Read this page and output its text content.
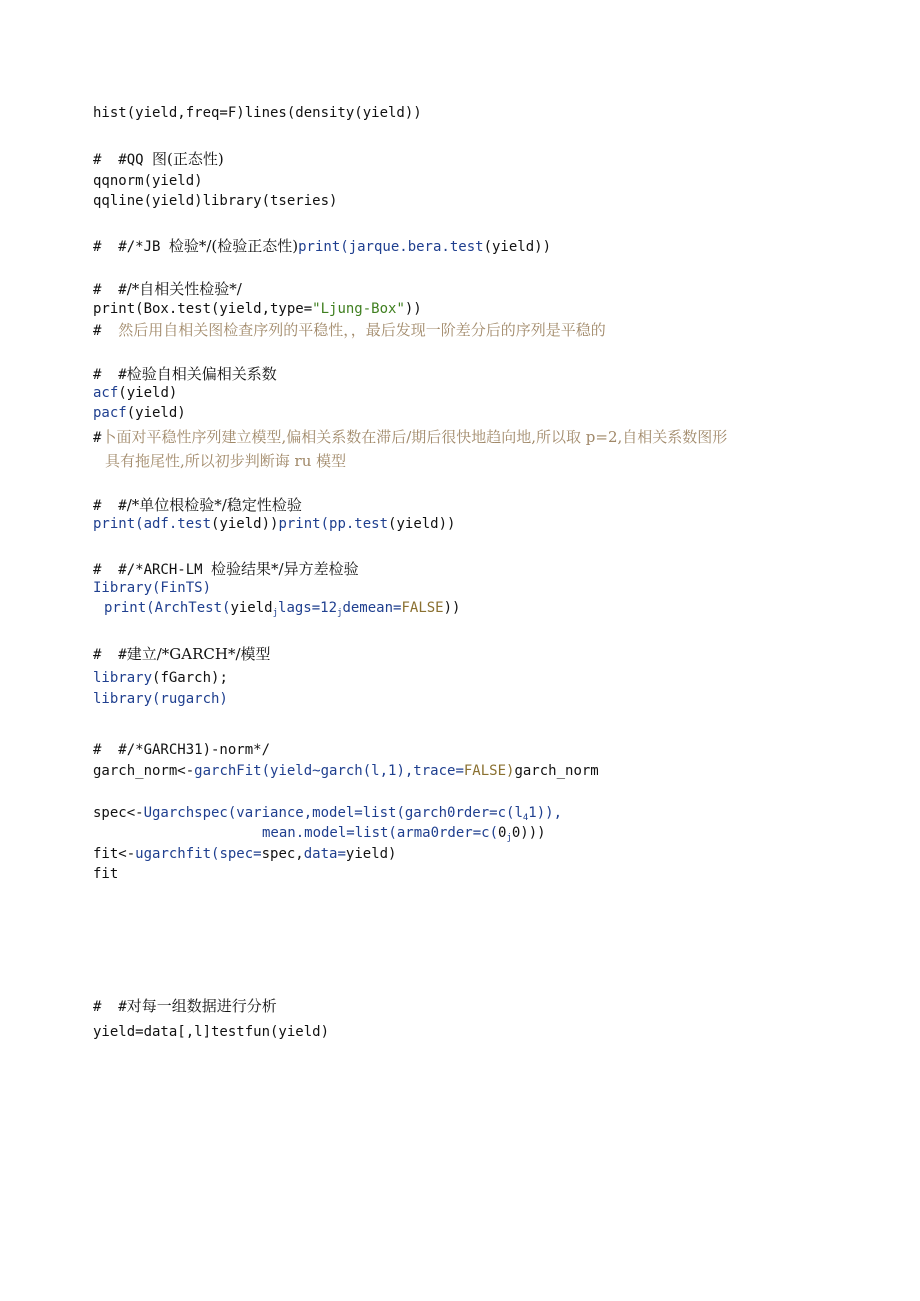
hist(yield,freq=F)lines(density(yield))
#  #QQ 图(正态性)
qqnorm(yield)
qqline(yield)library(tseries)
#  #/*JB 检验*/(检验正态性)print(jarque.bera.test(yield))
#  #/*自相关性检验*/
print(Box.test(yield,type="Ljung-Box"))
#  然后用自相关图检查序列的平稳性，，最后发现一阶差分后的序列是平稳的
#  #检验自相关偏相关系数
acf(yield)
pacf(yield)
#卜面对平稳性序列建立模型,偏相关系数在滞后/期后很快地趋向地,所以取 p=2,自相关系数图形
具有拖尾性,所以初步判断诲 ru 模型
#  #/*单位根检验*/稳定性检验
print(adf.test(yield))print(pp.test(yield))
#  #/*ARCH-LM 检验结果*/异方差检验
Iibrary(FinTS)
$print(ArchTest(yield_jlags=12_jdemean=FALSE))$
#  #建立/*GARCH*/模型
library(fGarch);
library(rugarch)
#  #/*GARCH31)-norm*/
garch_norm<-garchFit(yield~garch(l,1),trace=FALSE)garch_norm
$spec<-Ugarchspec(variance,model=list(garch0rder=c(l_41))$,
$mean.model=list(arma0rder=c(0_j0))$)
fit<-ugarchfit(spec=spec,data=yield)
fit
#  #对每一组数据进行分析
yield=data[,l]testfun(yield)
